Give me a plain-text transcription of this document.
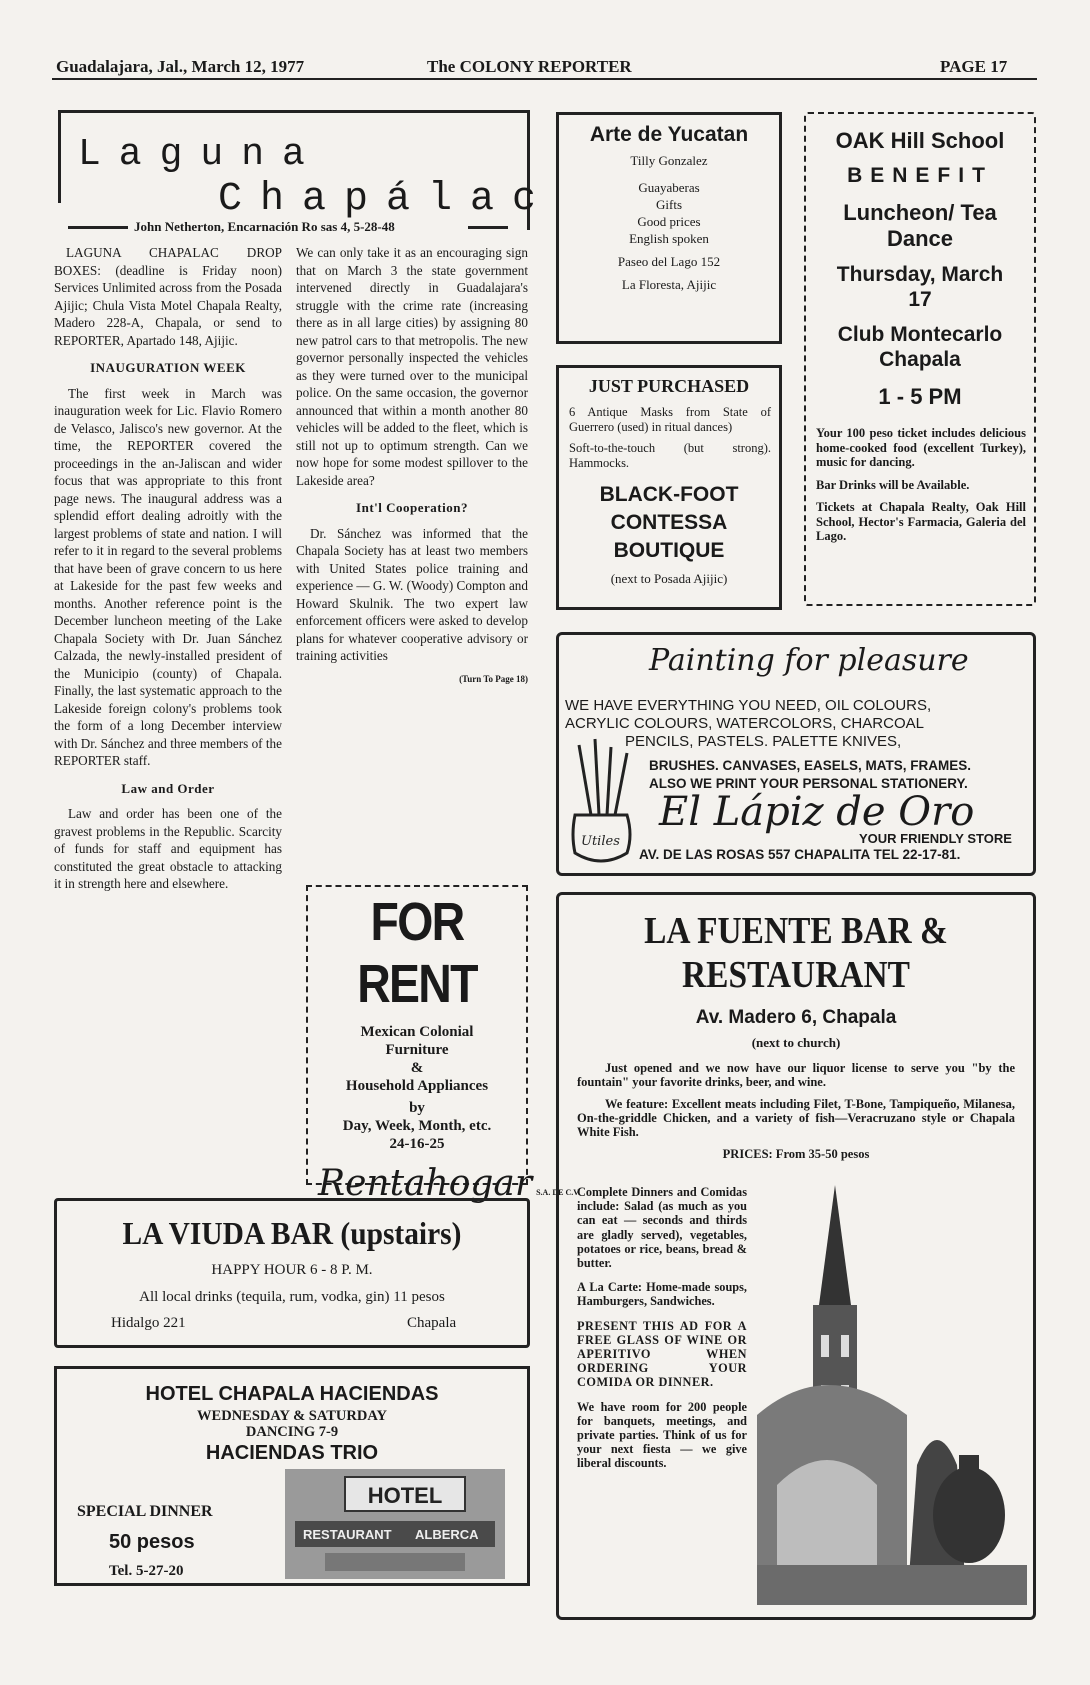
Guadalajara, Jal., March 12, 1977	The COLONY REPORTER	PAGE 17
Laguna
Chapálac
John Netherton, Encarnación Ro sas 4, 5-28-48

LAGUNA CHAPALAC DROP BOXES: (deadline is Friday noon) Services Unlimited across from the Posada Ajijic; Chula Vista Motel Chapala Realty, Madero 228-A, Chapala, or send to REPORTER, Apartado 148, Ajijic.

INAUGURATION WEEK

The first week in March was inauguration week for Lic. Flavio Romero de Velasco, Jalisco's new governor. At the time, the REPORTER covered the proceedings in the an-Jaliscan and wider focus that was appropriate to this front page news. The inaugural address was a splendid effort dealing adroitly with the largest problems of state and nation. I will refer to it in regard to the several problems that have been of grave concern to us here at Lakeside for the past few weeks and months. Another reference point is the December luncheon meeting of the Lake Chapala Society with Dr. Juan Sánchez Calzada, the newly-installed president of the Municipio (county) of Chapala. Finally, the last systematic approach to the Lakeside foreign colony's problems took the form of a long December interview with Dr. Sánchez and three members of the REPORTER staff.

Law and Order

Law and order has been one of the gravest problems in the Republic. Scarcity of funds for staff and equipment has constituted the great obstacle to attacking it in strength here and elsewhere.

We can only take it as an encouraging sign that on March 3 the state government intervened directly in Guadalajara's struggle with the crime rate (increasing there as in all large cities) by assigning 80 new patrol cars to that metropolis. The new governor personally inspected the vehicles as they were turned over to the municipal police. On the same occasion, the governor announced that within a month another 80 vehicles will be added to the fleet, which is still not up to optimum strength. Can we now hope for some modest spillover to the Lakeside area?

Int'l Cooperation?

Dr. Sánchez was informed that the Chapala Society has at least two members with United States police training and experience — G. W. (Woody) Compton and Howard Skulnik. The two expert law enforcement officers were asked to develop plans for whatever cooperative advisory or training activities

(Turn To Page 18)
Arte de Yucatan
Tilly Gonzalez
Guayaberas
Gifts
Good prices
English spoken
Paseo del Lago 152
La Floresta, Ajijic
JUST PURCHASED
6 Antique Masks from State of Guerrero (used) in ritual dances)
Soft-to-the-touch (but strong). Hammocks.
BLACK-FOOT CONTESSA BOUTIQUE
(next to Posada Ajijic)
OAK Hill School
BENEFIT
Luncheon/ Tea Dance
Thursday, March 17
Club Montecarlo Chapala
1 - 5 PM
Your 100 peso ticket includes delicious home-cooked food (excellent Turkey), music for dancing.
Bar Drinks will be Available.
Tickets at Chapala Realty, Oak Hill School, Hector's Farmacia, Galeria del Lago.
Painting for pleasure
WE HAVE EVERYTHING YOU NEED, OIL COLOURS,
ACRYLIC COLOURS, WATERCOLORS, CHARCOAL
PENCILS, PASTELS. PALETTE KNIVES,
BRUSHES. CANVASES, EASELS, MATS, FRAMES.
ALSO WE PRINT YOUR PERSONAL STATIONERY.
Utiles
El Lápiz de Oro
YOUR FRIENDLY STORE
AV. DE LAS ROSAS 557 CHAPALITA TEL 22-17-81.
FOR RENT
Mexican Colonial Furniture
&
Household Appliances
by
Day, Week, Month, etc.
24-16-25
Rentahogar S.A. DE C.V.
LA FUENTE BAR & RESTAURANT
Av. Madero 6, Chapala
(next to church)
Just opened and we now have our liquor license to serve you "by the fountain" your favorite drinks, beer, and wine.
We feature: Excellent meats including Filet, T-Bone, Tampiqueño, Milanesa, On-the-griddle Chicken, and a variety of fish—Veracruzano style or Chapala White Fish.
PRICES: From 35-50 pesos
Complete Dinners and Comidas include: Salad (as much as you can eat — seconds and thirds are gladly served), vegetables, potatoes or rice, beans, bread & butter.
A La Carte: Home-made soups, Hamburgers, Sandwiches.
PRESENT THIS AD FOR A FREE GLASS OF WINE OR APERITIVO WHEN ORDERING YOUR COMIDA OR DINNER.
We have room for 200 people for banquets, meetings, and private parties. Think of us for your next fiesta — we give liberal discounts.
LA VIUDA BAR (upstairs)
HAPPY HOUR 6 - 8 P. M.
All local drinks (tequila, rum, vodka, gin) 11 pesos
Hidalgo 221	Chapala
HOTEL CHAPALA HACIENDAS
WEDNESDAY & SATURDAY
DANCING 7-9
HACIENDAS TRIO
SPECIAL DINNER
50 pesos
Tel. 5-27-20
HOTEL
RESTAURANT ALBERCA
